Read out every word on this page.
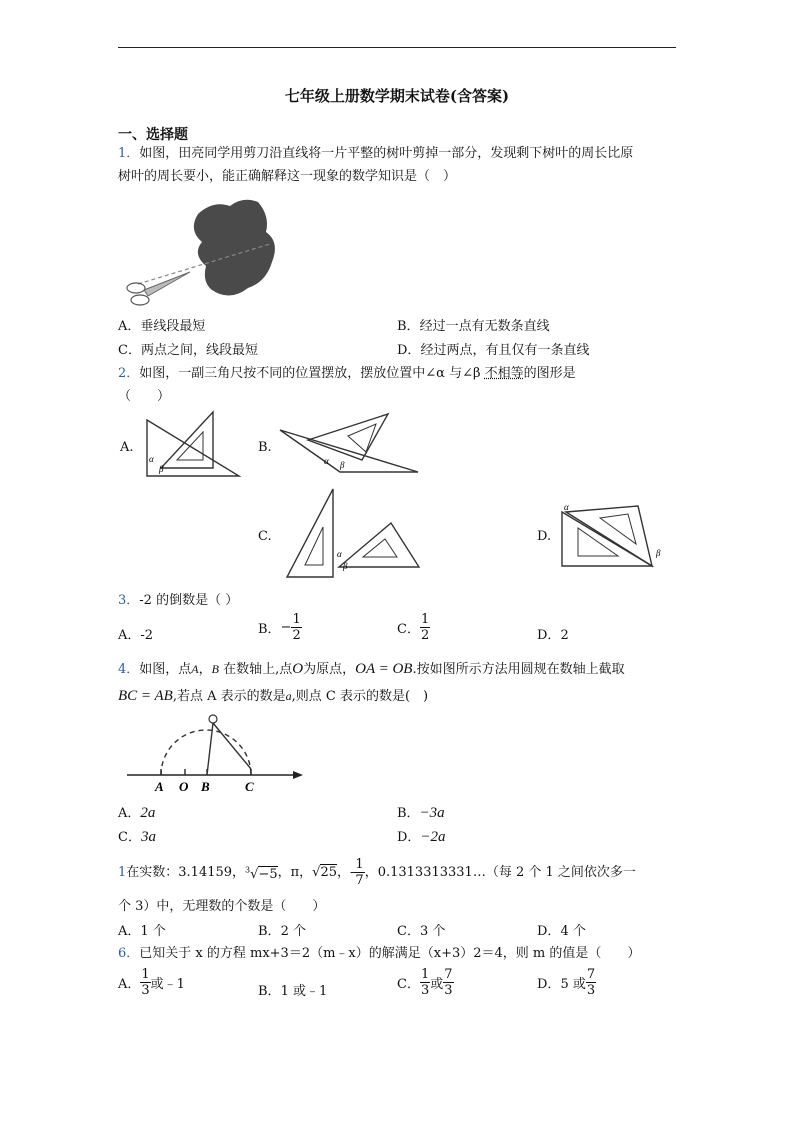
七年级上册数学期末试卷(含答案)
一、选择题
1．如图，田亮同学用剪刀沿直线将一片平整的树叶剪掉一部分，发现剩下树叶的周长比原
树叶的周长要小，能正确解释这一现象的数学知识是（　）
A．垂线段最短	B．经过一点有无数条直线
C．两点之间，线段最短	D．经过两点，有且仅有一条直线
2．如图，一副三角尺按不同的位置摆放，摆放位置中∠α 与∠β 不相等的图形是
（　　）
A.
α
β
B.
α β
C.
α
β
D.
α
β
3．-2 的倒数是（ ）
A．-2	B．− $\frac{1}{2}$	C． $\frac{1}{2}$	D．2
4．如图，点A，B 在数轴上,点O为原点，OA = OB.按如图所示方法用圆规在数轴上截取
BC = AB,若点 A 表示的数是a,则点 C 表示的数是(　)
A O B	C
A．2a	B．−3a
C．3a	D．−2a
1在实数：3.14159，$^3$√−5，π，√25，- $\frac{1}{7}$ ，0.1313313331…（每 2 个 1 之间依次多一
个 3）中，无理数的个数是（　　）
A．1 个	B．2 个	C．3 个	D．4 个
6．已知关于 x 的方程 mx+3＝2（m﹣x）的解满足（x+3）2＝4，则 m 的值是（　　）
A． $\frac{1}{3}$ 或﹣1	B．1 或﹣1	C． $\frac{1}{3}$ 或 $\frac{7}{3}$	D．5 或 $\frac{7}{3}$
